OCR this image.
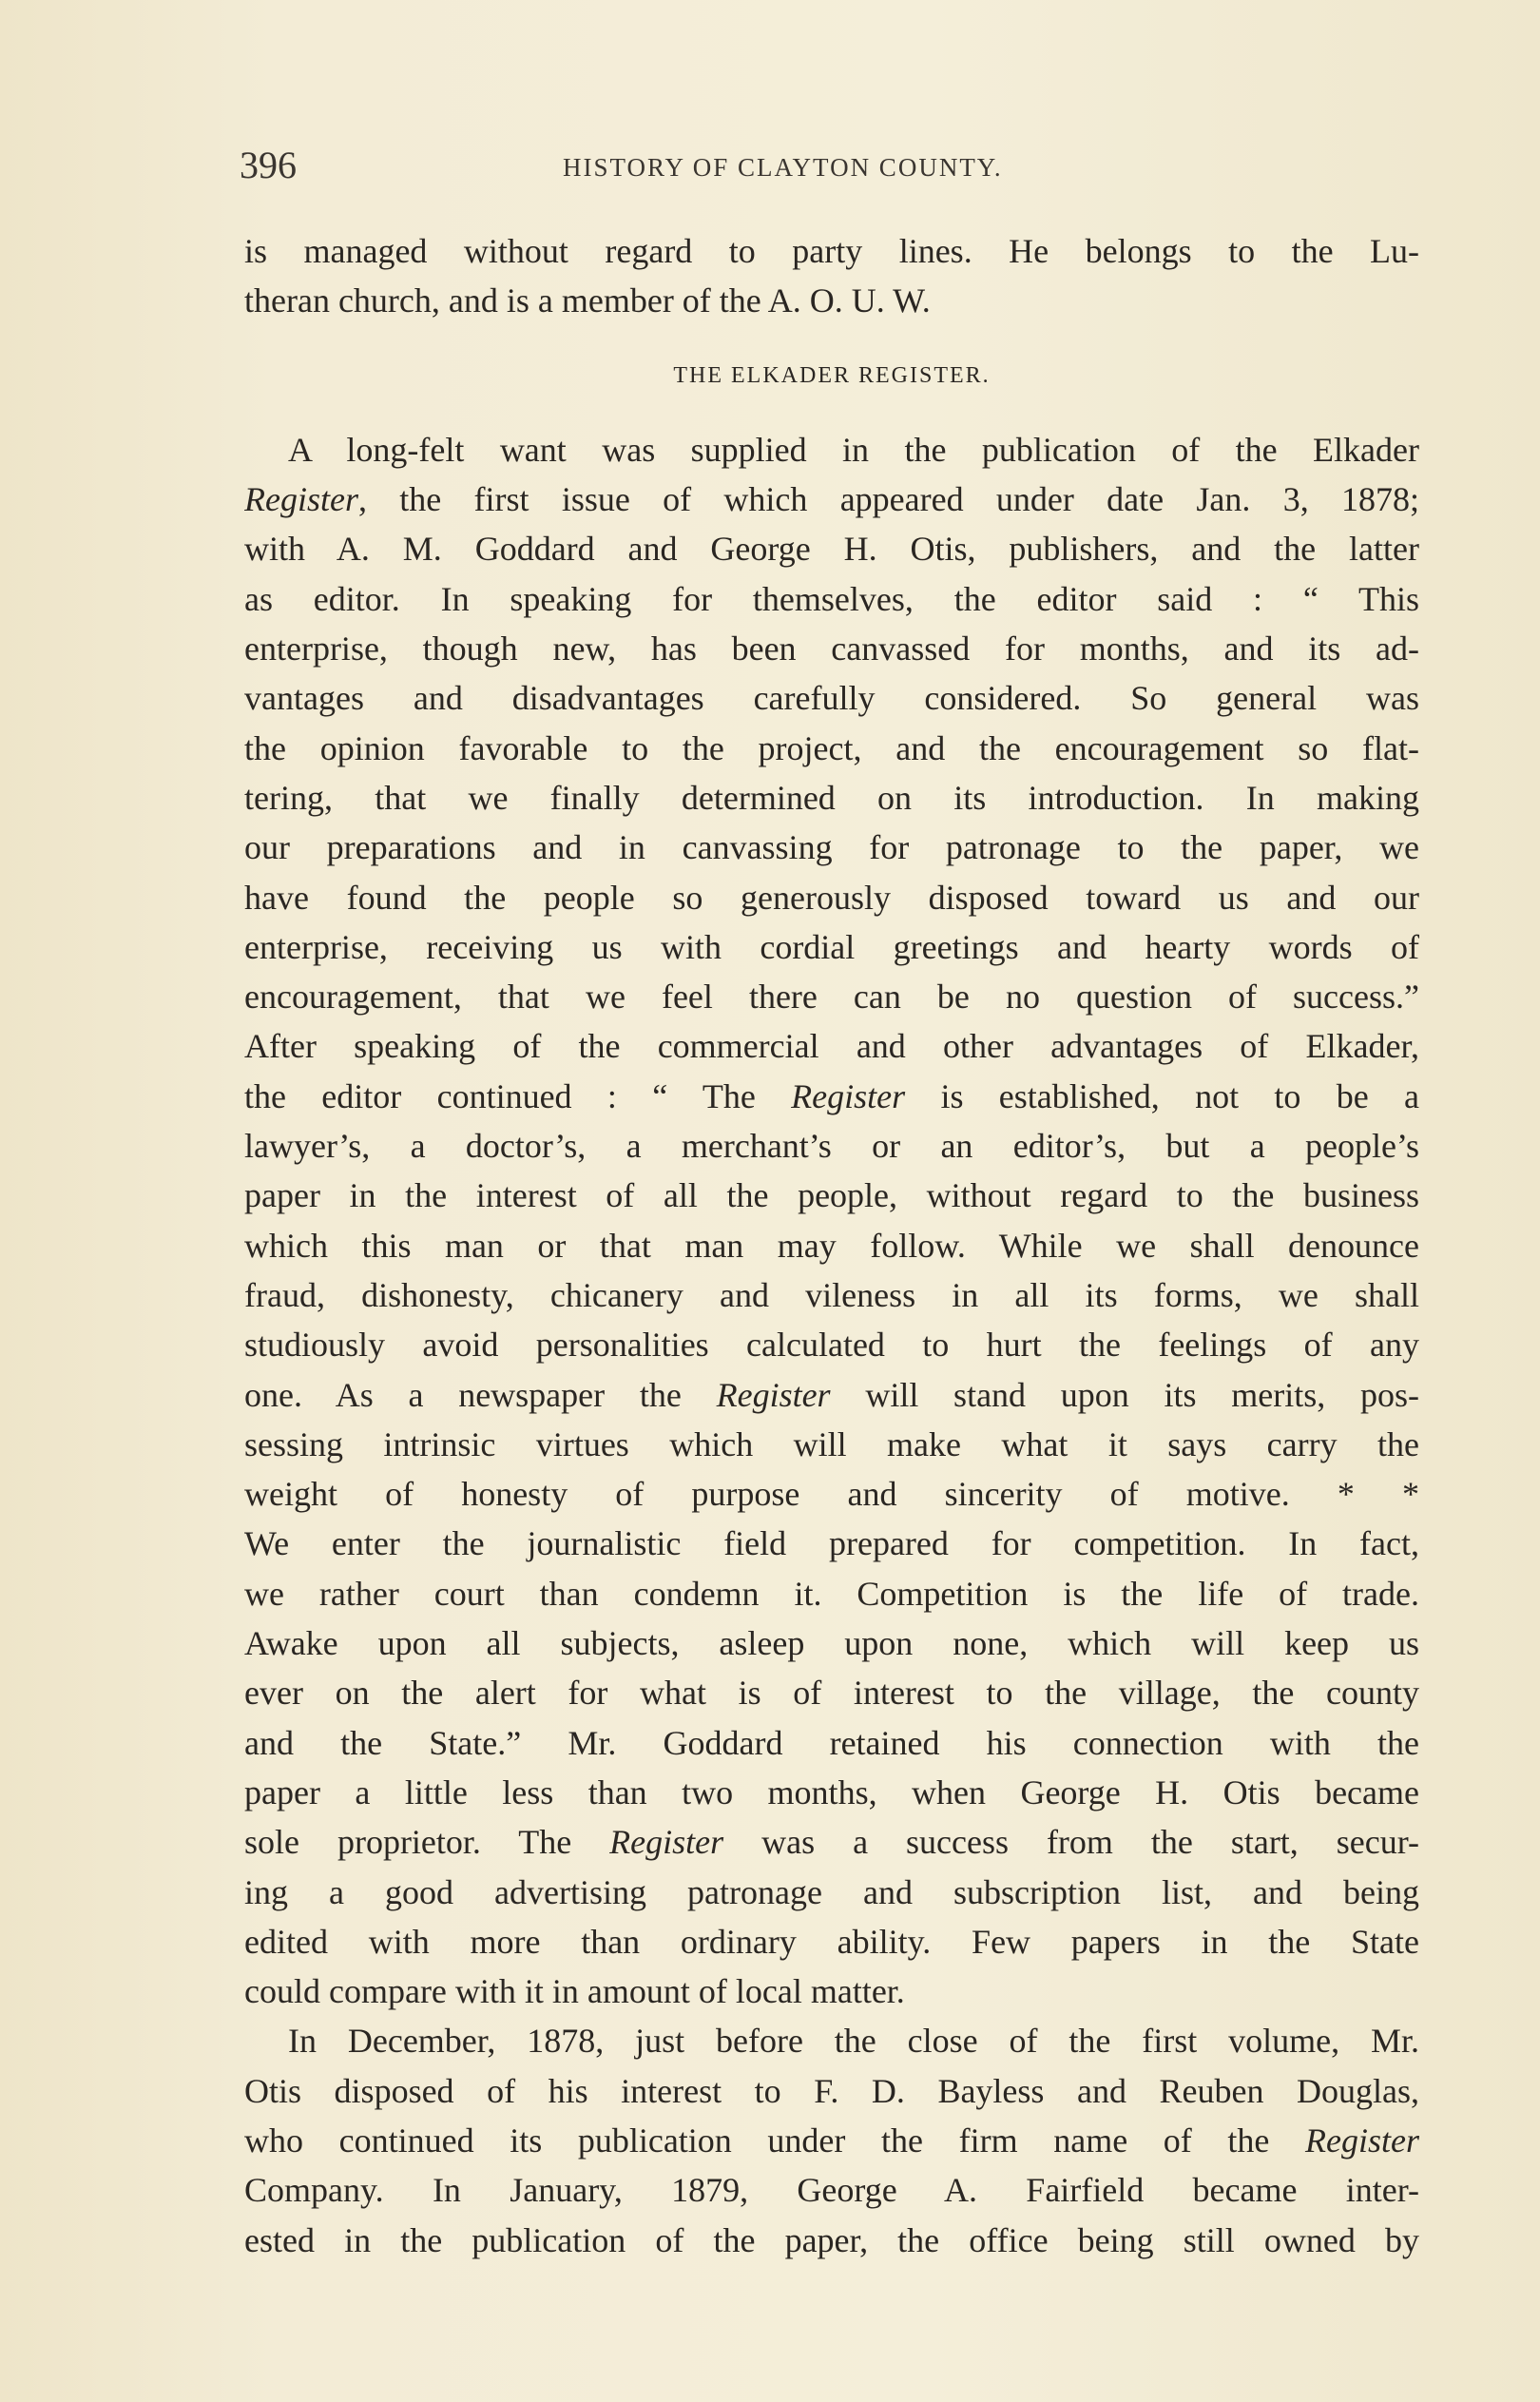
396	HISTORY OF CLAYTON COUNTY.
is managed without regard to party lines. He belongs to the Lu-
theran church, and is a member of the A. O. U. W.
THE ELKADER REGISTER.
A long-felt want was supplied in the publication of the Elkader
Register, the first issue of which appeared under date Jan. 3, 1878;
with A. M. Goddard and George H. Otis, publishers, and the latter
as editor. In speaking for themselves, the editor said : “ This
enterprise, though new, has been canvassed for months, and its ad-
vantages and disadvantages carefully considered. So general was
the opinion favorable to the project, and the encouragement so flat-
tering, that we finally determined on its introduction. In making
our preparations and in canvassing for patronage to the paper, we
have found the people so generously disposed toward us and our
enterprise, receiving us with cordial greetings and hearty words of
encouragement, that we feel there can be no question of success.”
After speaking of the commercial and other advantages of Elkader,
the editor continued : “ The Register is established, not to be a
lawyer’s, a doctor’s, a merchant’s or an editor’s, but a people’s
paper in the interest of all the people, without regard to the business
which this man or that man may follow. While we shall denounce
fraud, dishonesty, chicanery and vileness in all its forms, we shall
studiously avoid personalities calculated to hurt the feelings of any
one. As a newspaper the Register will stand upon its merits, pos-
sessing intrinsic virtues which will make what it says carry the
weight of honesty of purpose and sincerity of motive. * *
We enter the journalistic field prepared for competition. In fact,
we rather court than condemn it. Competition is the life of trade.
Awake upon all subjects, asleep upon none, which will keep us
ever on the alert for what is of interest to the village, the county
and the State.” Mr. Goddard retained his connection with the
paper a little less than two months, when George H. Otis became
sole proprietor. The Register was a success from the start, secur-
ing a good advertising patronage and subscription list, and being
edited with more than ordinary ability. Few papers in the State
could compare with it in amount of local matter.
In December, 1878, just before the close of the first volume, Mr.
Otis disposed of his interest to F. D. Bayless and Reuben Douglas,
who continued its publication under the firm name of the Register
Company. In January, 1879, George A. Fairfield became inter-
ested in the publication of the paper, the office being still owned by
